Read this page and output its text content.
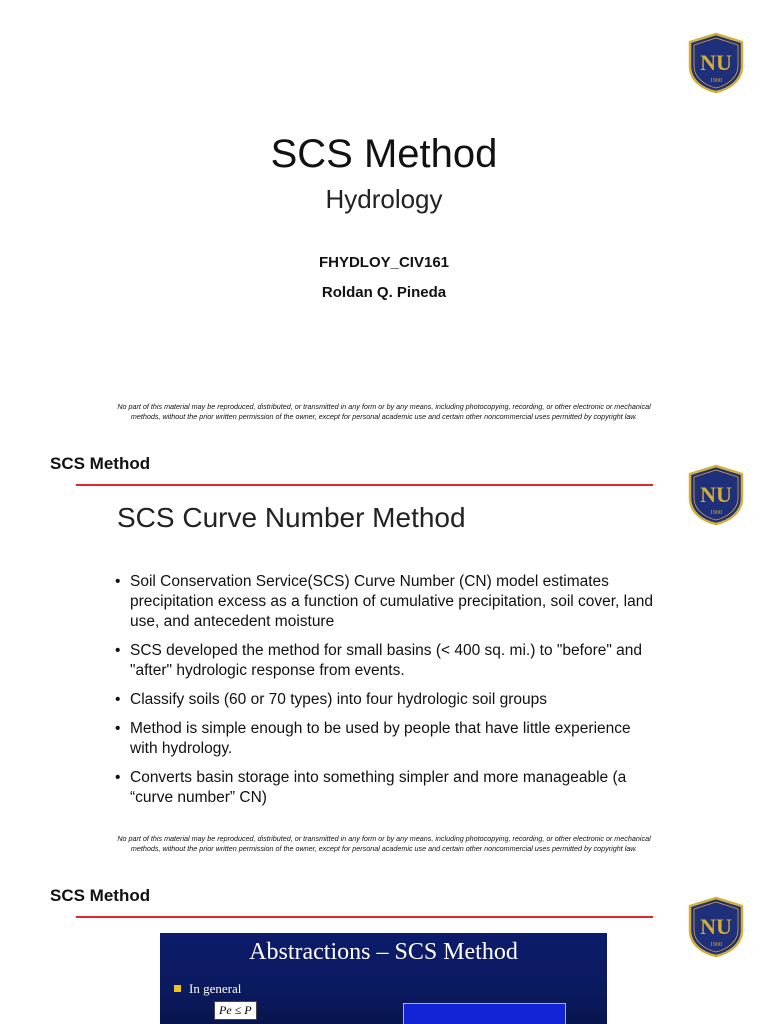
NU
1900
SCS Method
Hydrology
FHYDLOY_CIV161
Roldan Q. Pineda
No part of this material may be reproduced, distributed, or transmitted in any form or by any means, including photocopying, recording, or other electronic or mechanical
methods, without the prior written permission of the owner, except for personal academic use and certain other noncommercial uses permitted by copyright law.
SCS Method
NU
1900
SCS Curve Number Method
• Soil Conservation Service(SCS) Curve Number (CN) model estimates precipitation excess as a function of cumulative precipitation, soil cover, land use, and antecedent moisture
• SCS developed the method for small basins (< 400 sq. mi.) to "before" and "after" hydrologic response from events.
• Classify soils (60 or 70 types) into four hydrologic soil groups
• Method is simple enough to be used by people that have little experience with hydrology.
• Converts basin storage into something simpler and more manageable (a “curve number” CN)
No part of this material may be reproduced, distributed, or transmitted in any form or by any means, including photocopying, recording, or other electronic or mechanical
methods, without the prior written permission of the owner, except for personal academic use and certain other noncommercial uses permitted by copyright law.
SCS Method
NU
1900
Abstractions – SCS Method
In general
Pe ≤ P
